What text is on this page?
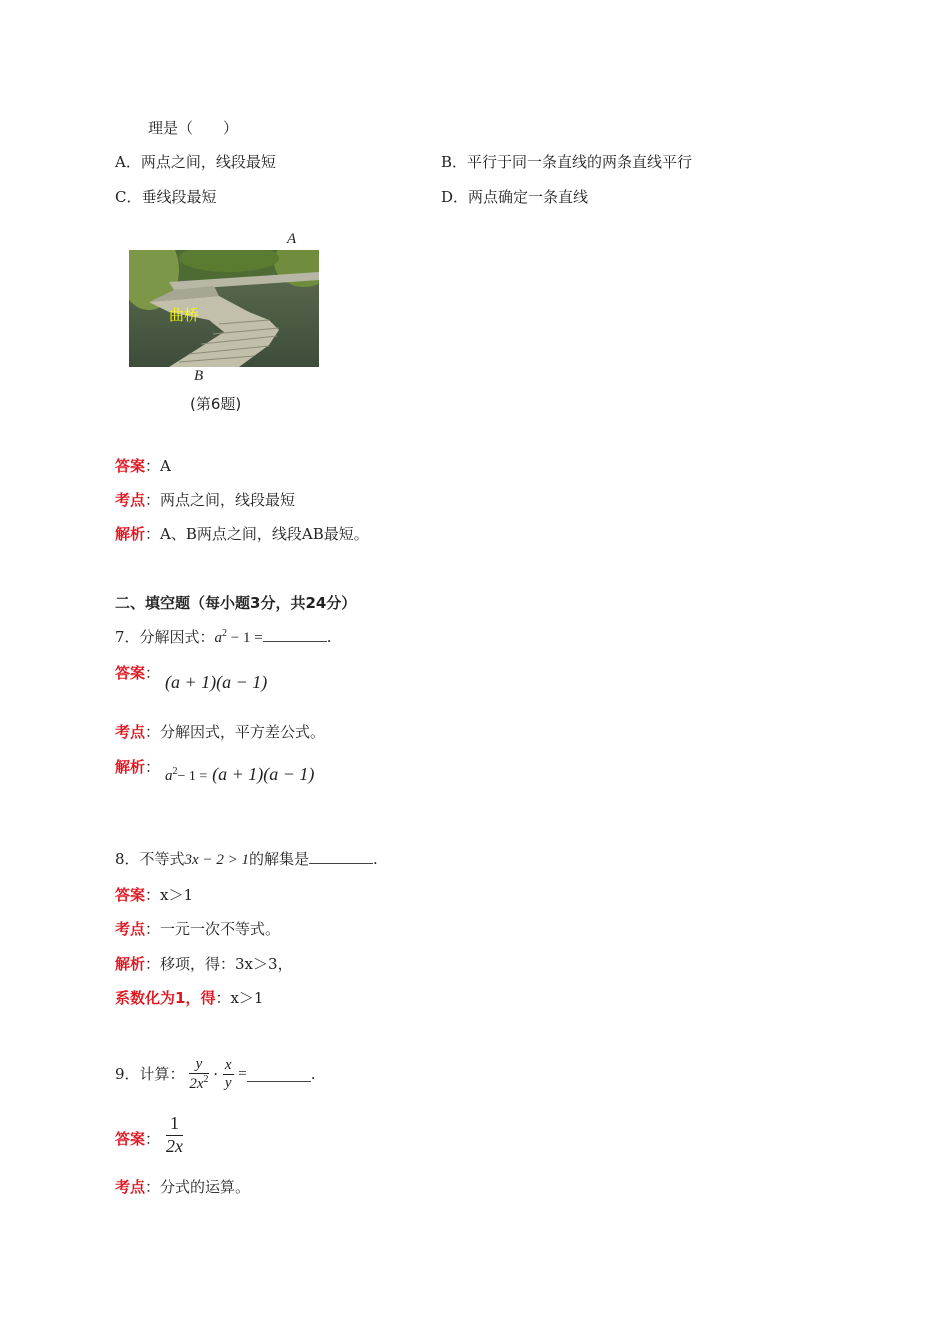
理是（　　）
A．两点之间，线段最短	B．平行于同一条直线的两条直线平行
C．垂线段最短	D．两点确定一条直线
A
曲桥
B
(第6题)
答案：A
考点：两点之间，线段最短
解析：A、B两点之间，线段AB最短。
二、填空题（每小题3分，共24分）
7．分解因式：$a^2 - 1$ =	.
答案： (a + 1)(a − 1)
考点：分解因式，平方差公式。
解析： $a^2- 1 = (a + 1)(a - 1)$
8．不等式3x − 2 > 1的解集是	.
答案：x＞1
考点：一元一次不等式。
解析：移项，得：3x＞3，
系数化为1，得：x＞1
9．计算： $\frac{y}{2x^2} \cdot \frac{x}{y}$ =	.
答案： $\frac{1}{2x}$
考点：分式的运算。
